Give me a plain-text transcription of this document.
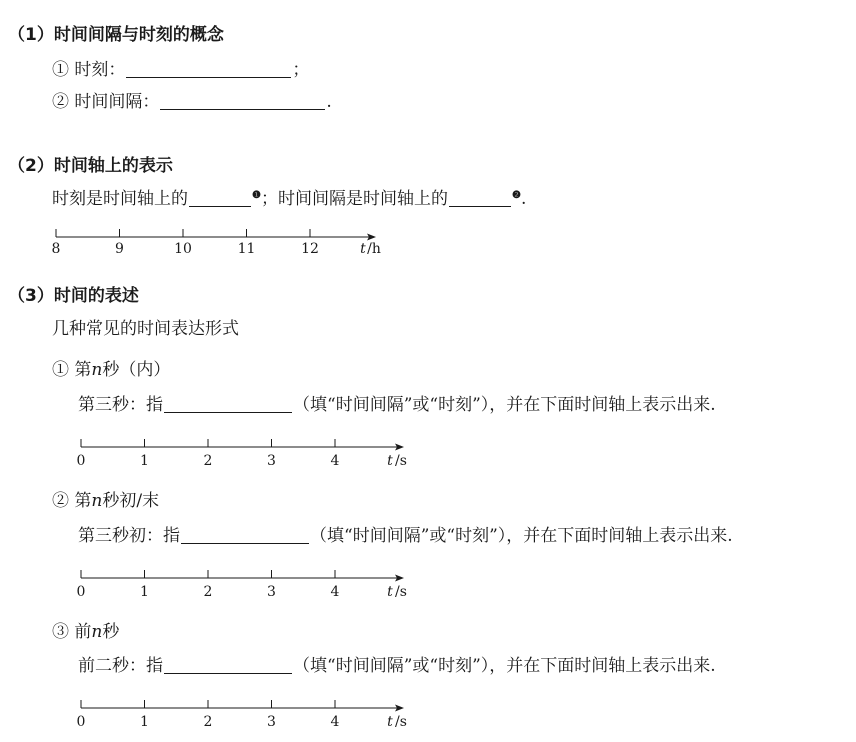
（1）时间间隔与时刻的概念
① 时刻：	；
② 时间间隔：	.
（2）时间轴上的表示
时刻是时间轴上的	$^❶$；时间间隔是时间轴上的	$^❷$.
8	9	10	11	12	t /h
（3）时间的表述
几种常见的时间表达形式
① 第n秒（内）
第三秒：指	（填“时间间隔”或“时刻”），并在下面时间轴上表示出来.
0	1	2	3	4	t /s
② 第n秒初/末
第三秒初：指	（填“时间间隔”或“时刻”），并在下面时间轴上表示出来.
0	1	2	3	4	t /s
③ 前n秒
前二秒：指	（填“时间间隔”或“时刻”），并在下面时间轴上表示出来.
0	1	2	3	4	t /s
